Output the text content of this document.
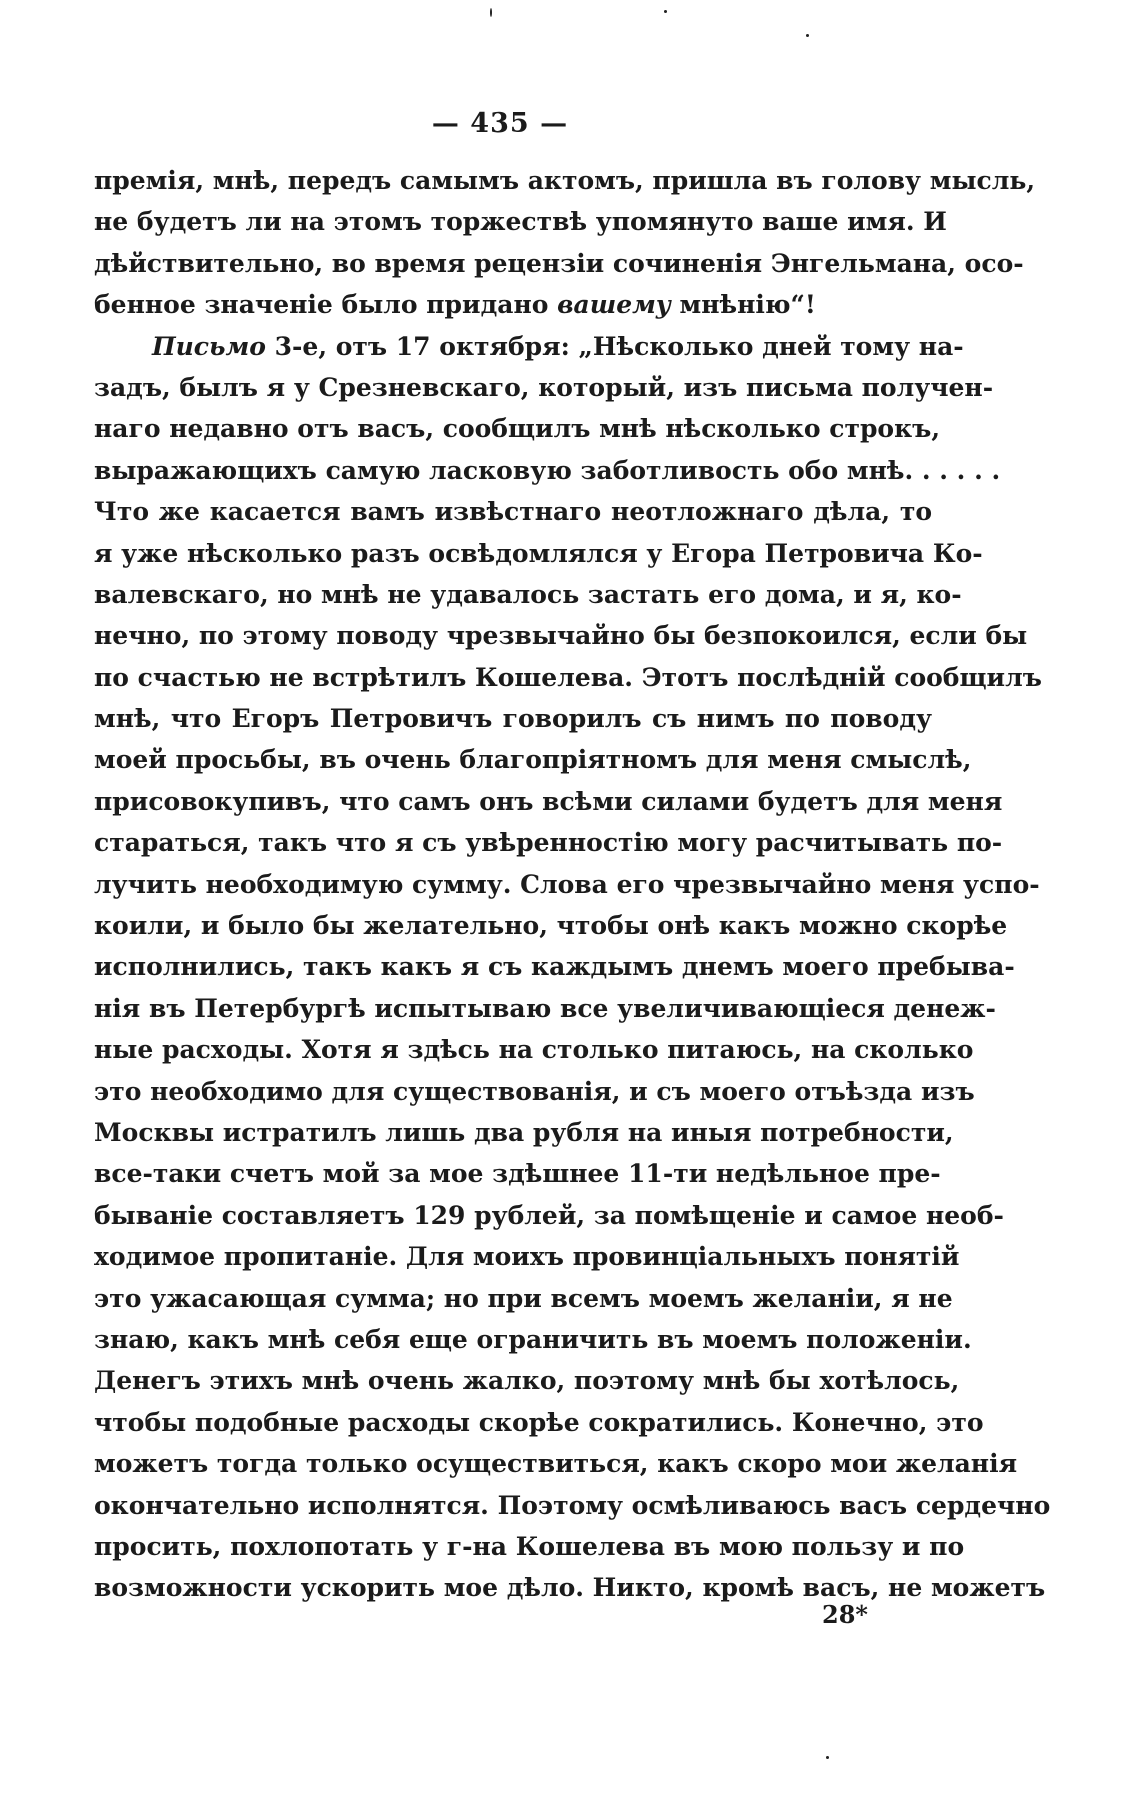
— 435 —
премія, мнѣ, передъ самымъ актомъ, пришла въ голову мысль,
не будетъ ли на этомъ торжествѣ упомянуто ваше имя. И
дѣйствительно, во время рецензіи сочиненія Энгельмана, осо-
бенное значеніе было придано вашему мнѣнію“!
Письмо 3-е, отъ 17 октября: „Нѣсколько дней тому на-
задъ, былъ я у Срезневскаго, который, изъ письма получен-
наго недавно отъ васъ, сообщилъ мнѣ нѣсколько строкъ,
выражающихъ самую ласковую заботливость обо мнѣ. . . . . .
Что же касается вамъ извѣстнаго неотложнаго дѣла, то
я уже нѣсколько разъ освѣдомлялся у Егора Петровича Ко-
валевскаго, но мнѣ не удавалось застать его дома, и я, ко-
нечно, по этому поводу чрезвычайно бы безпокоился, если бы
по счастью не встрѣтилъ Кошелева. Этотъ послѣдній сообщилъ
мнѣ, что Егоръ Петровичъ говорилъ съ нимъ по поводу
моей просьбы, въ очень благопріятномъ для меня смыслѣ,
присовокупивъ, что самъ онъ всѣми силами будетъ для меня
стараться, такъ что я съ увѣренностію могу расчитывать по-
лучить необходимую сумму. Слова его чрезвычайно меня успо-
коили, и было бы желательно, чтобы онѣ какъ можно скорѣе
исполнились, такъ какъ я съ каждымъ днемъ моего пребыва-
нія въ Петербургѣ испытываю все увеличивающіеся денеж-
ные расходы. Хотя я здѣсь на столько питаюсь, на сколько
это необходимо для существованія, и съ моего отъѣзда изъ
Москвы истратилъ лишь два рубля на иныя потребности,
все-таки счетъ мой за мое здѣшнее 11-ти недѣльное пре-
бываніе составляетъ 129 рублей, за помѣщеніе и самое необ-
ходимое пропитаніе. Для моихъ провинціальныхъ понятій
это ужасающая сумма; но при всемъ моемъ желаніи, я не
знаю, какъ мнѣ себя еще ограничить въ моемъ положеніи.
Денегъ этихъ мнѣ очень жалко, поэтому мнѣ бы хотѣлось,
чтобы подобные расходы скорѣе сократились. Конечно, это
можетъ тогда только осуществиться, какъ скоро мои желанія
окончательно исполнятся. Поэтому осмѣливаюсь васъ сердечно
просить, похлопотать у г-на Кошелева въ мою пользу и по
возможности ускорить мое дѣло. Никто, кромѣ васъ, не можетъ
28*
